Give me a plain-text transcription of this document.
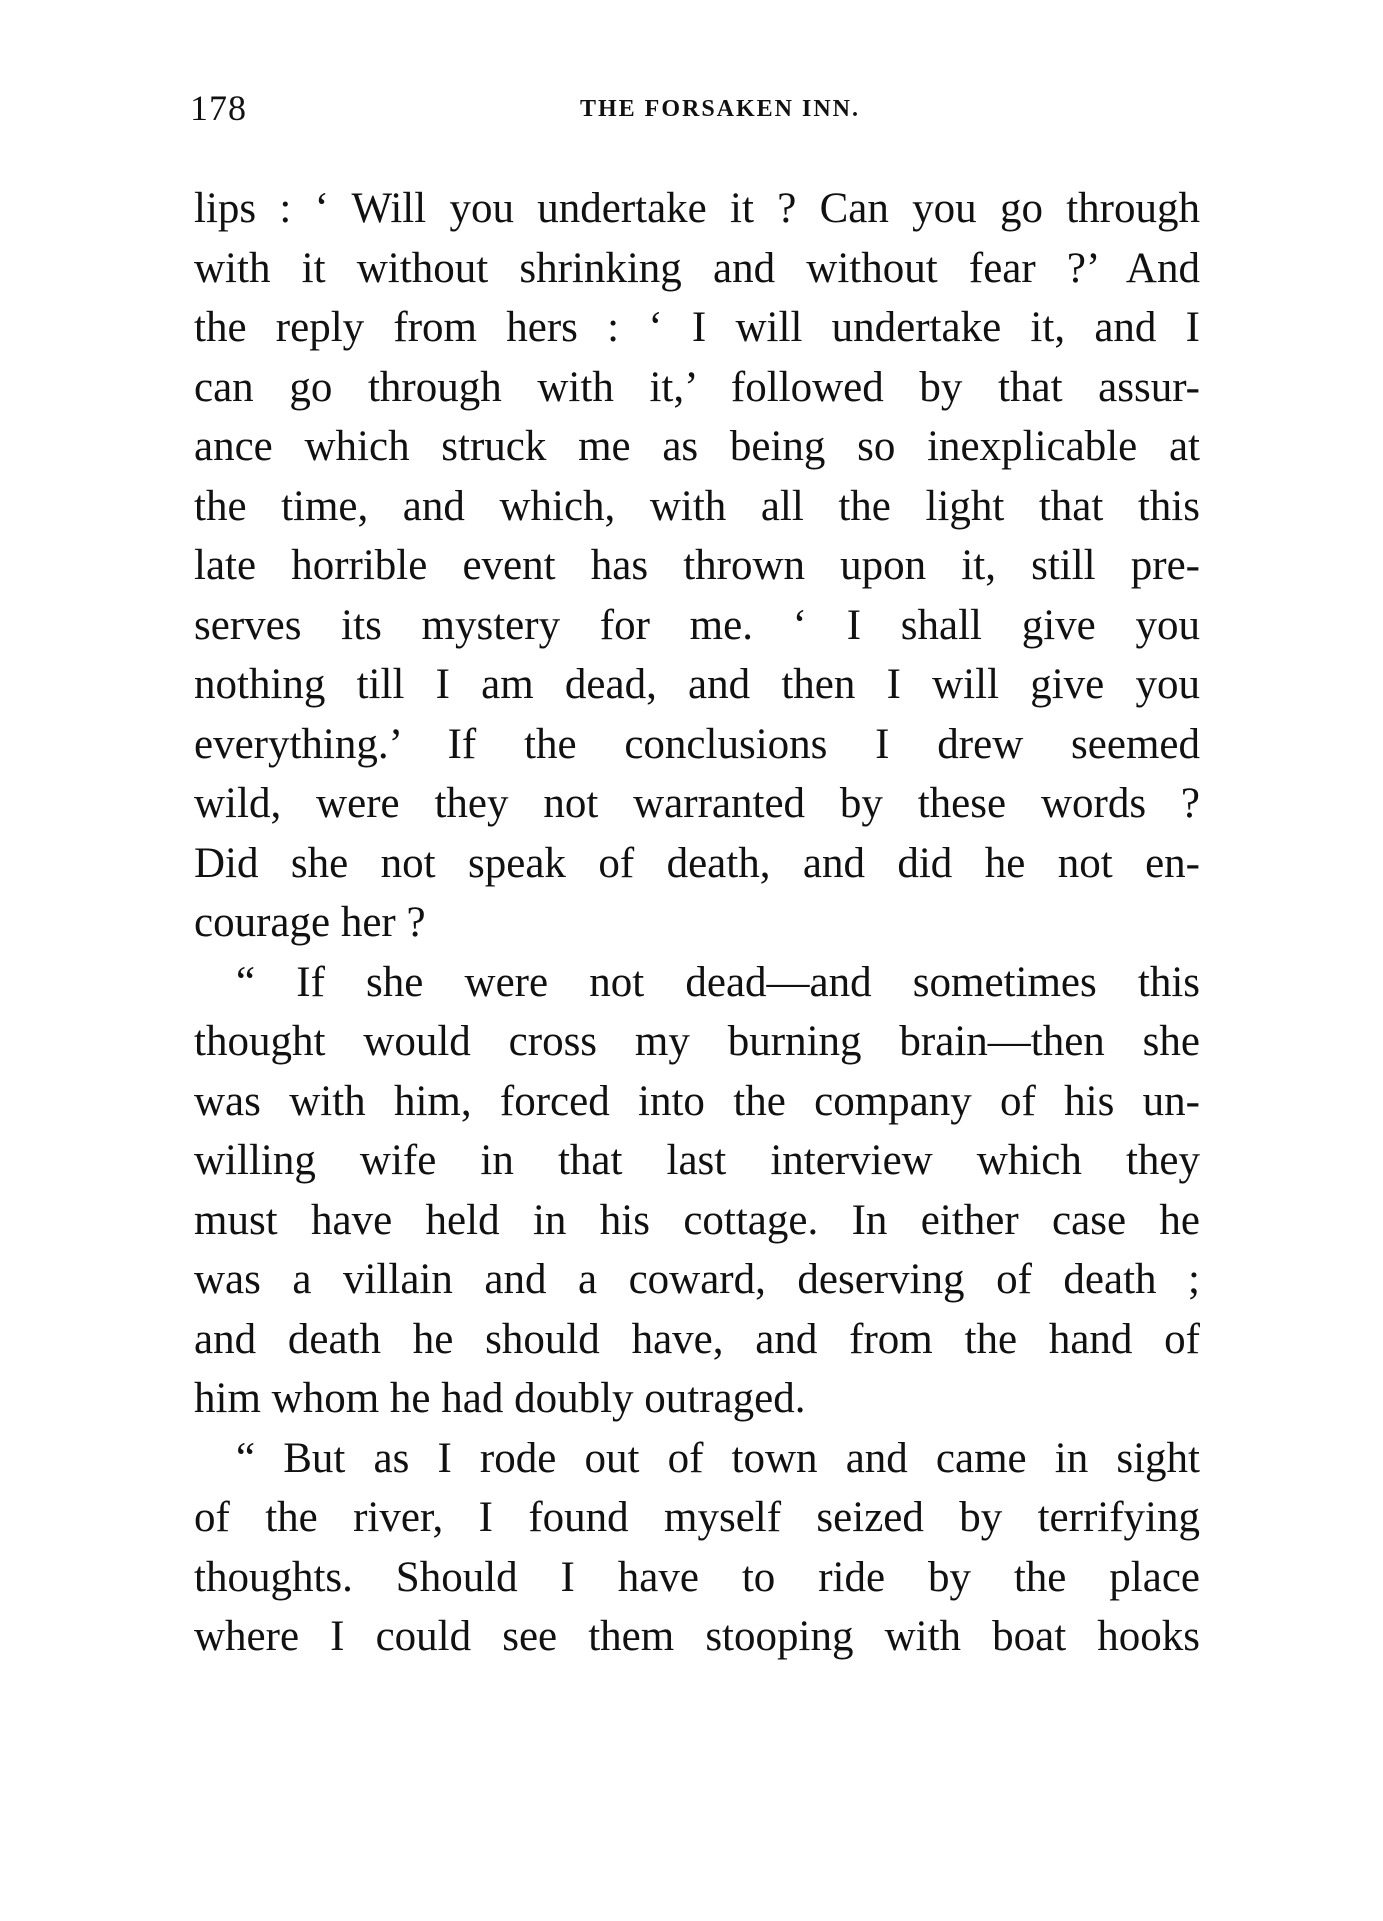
178	THE FORSAKEN INN.
lips : ‘ Will you undertake it ? Can you go through
with it without shrinking and without fear ?’ And
the reply from hers : ‘ I will undertake it, and I
can go through with it,’ followed by that assur-
ance which struck me as being so inexplicable at
the time, and which, with all the light that this
late horrible event has thrown upon it, still pre-
serves its mystery for me. ‘ I shall give you
nothing till I am dead, and then I will give you
everything.’ If the conclusions I drew seemed
wild, were they not warranted by these words ?
Did she not speak of death, and did he not en-
courage her ?
“ If she were not dead—and sometimes this
thought would cross my burning brain—then she
was with him, forced into the company of his un-
willing wife in that last interview which they
must have held in his cottage. In either case he
was a villain and a coward, deserving of death ;
and death he should have, and from the hand of
him whom he had doubly outraged.
“ But as I rode out of town and came in sight
of the river, I found myself seized by terrifying
thoughts. Should I have to ride by the place
where I could see them stooping with boat hooks
